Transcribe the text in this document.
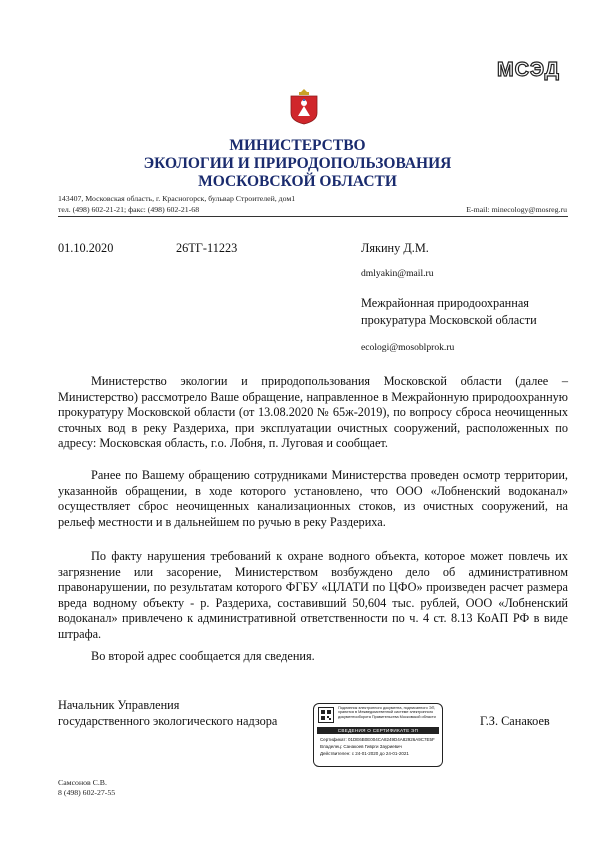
МСЭД
МИНИСТЕРСТВО
ЭКОЛОГИИ И ПРИРОДОПОЛЬЗОВАНИЯ
МОСКОВСКОЙ ОБЛАСТИ
143407, Московская область, г. Красногорск, бульвар Строителей, дом1
тел. (498) 602-21-21; факс: (498) 602-21-68	E-mail: minecology@mosreg.ru
01.10.2020	26ТГ-11223	Лякину Д.М.
dmlyakin@mail.ru
Межрайонная природоохранная
прокуратура Московской области
ecologi@mosoblprok.ru
Министерство экологии и природопользования Московской области (далее – Министерство) рассмотрело Ваше обращение, направленное в Межрайонную природоохранную прокуратуру Московской области (от 13.08.2020 № 65ж-2019), по вопросу сброса неочищенных сточных вод в реку Раздериха, при эксплуатации очистных сооружений, расположенных по адресу: Московская область, г.о. Лобня, п. Луговая и сообщает.
Ранее по Вашему обращению сотрудниками Министерства проведен осмотр территории, указаннойв обращении, в ходе которого установлено, что ООО «Лобненский водоканал» осуществляет сброс неочищенных канализационных стоков, из очистных сооружений, на рельеф местности и в дальнейшем по ручью в реку Раздериха.
По факту нарушения требований к охране водного объекта, которое может повлечь их загрязнение или засорение, Министерством возбуждено дело об административном правонарушении, по результатам которого ФГБУ «ЦЛАТИ по ЦФО» произведен расчет размера вреда водному объекту - р. Раздериха, составивший 50,604 тыс. рублей, ООО «Лобненский водоканал» привлечено к административной ответственности по ч. 4 ст. 8.13 КоАП РФ в виде штрафа.
Во второй адрес сообщается для сведения.
Начальник Управления
государственного экологического надзора	Г.З. Санакоев
Подлинник электронного документа, подписанного ЭП, хранится в Межведомственной системе электронного документооборота Правительства Московской области
СВЕДЕНИЯ О СЕРТИФИКАТЕ ЭП
Сертификат: 01DE6B0E004CA8249D4A82926A9C7E5F
Владелец: Санакоев Гиврги Зауриевич
Действителен: с 24-01-2020 до 24-01-2021
Самсонов С.В.
8 (498) 602-27-55
